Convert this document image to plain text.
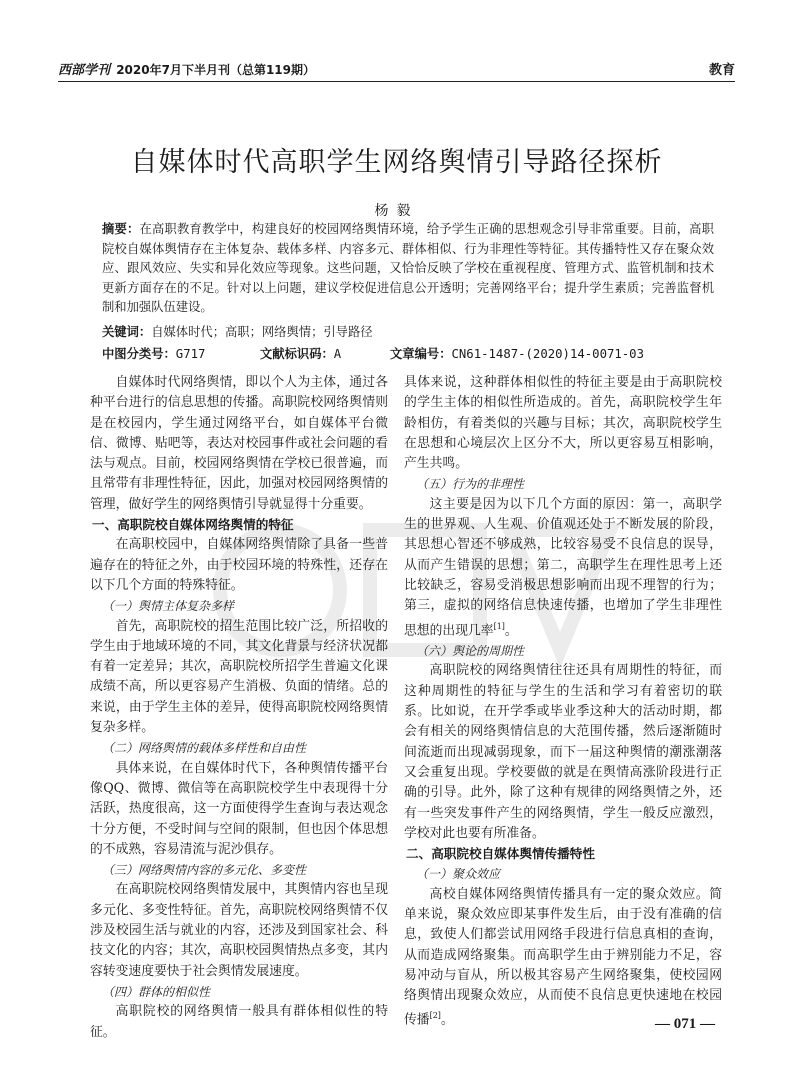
西部学刊 2020年7月下半月刊（总第119期）	教育
自媒体时代高职学生网络舆情引导路径探析
杨毅
摘要：在高职教育教学中，构建良好的校园网络舆情环境，给予学生正确的思想观念引导非常重要。目前，高职院校自媒体舆情存在主体复杂、载体多样、内容多元、群体相似、行为非理性等特征。其传播特性又存在聚众效应、跟风效应、失实和异化效应等现象。这些问题，又恰恰反映了学校在重视程度、管理方式、监管机制和技术更新方面存在的不足。针对以上问题，建议学校促进信息公开透明；完善网络平台；提升学生素质；完善监督机制和加强队伍建设。
关键词：自媒体时代；高职；网络舆情；引导路径
中图分类号：G717	文献标识码：A	文章编号：CN61-1487-(2020)14-0071-03

自媒体时代网络舆情，即以个人为主体，通过各种平台进行的信息思想的传播。高职院校网络舆情则是在校园内，学生通过网络平台，如自媒体平台微信、微博、贴吧等，表达对校园事件或社会问题的看法与观点。目前，校园网络舆情在学校已很普遍，而且常带有非理性特征，因此，加强对校园网络舆情的管理，做好学生的网络舆情引导就显得十分重要。

一、高职院校自媒体网络舆情的特征

在高职校园中，自媒体网络舆情除了具备一些普遍存在的特征之外，由于校园环境的特殊性，还存在以下几个方面的特殊特征。

（一）舆情主体复杂多样

首先，高职院校的招生范围比较广泛，所招收的学生由于地域环境的不同，其文化背景与经济状况都有着一定差异；其次，高职院校所招学生普遍文化课成绩不高，所以更容易产生消极、负面的情绪。总的来说，由于学生主体的差异，使得高职院校网络舆情复杂多样。

（二）网络舆情的载体多样性和自由性

具体来说，在自媒体时代下，各种舆情传播平台像QQ、微博、微信等在高职院校学生中表现得十分活跃，热度很高，这一方面使得学生查询与表达观念十分方便，不受时间与空间的限制，但也因个体思想的不成熟，容易清流与泥沙俱存。

（三）网络舆情内容的多元化、多变性

在高职院校网络舆情发展中，其舆情内容也呈现多元化、多变性特征。首先，高职院校网络舆情不仅涉及校园生活与就业的内容，还涉及到国家社会、科技文化的内容；其次，高职校园舆情热点多变，其内容转变速度要快于社会舆情发展速度。

（四）群体的相似性

高职院校的网络舆情一般具有群体相似性的特征。

具体来说，这种群体相似性的特征主要是由于高职院校的学生主体的相似性所造成的。首先，高职院校学生年龄相仿，有着类似的兴趣与目标；其次，高职院校学生在思想和心境层次上区分不大，所以更容易互相影响，产生共鸣。

（五）行为的非理性

这主要是因为以下几个方面的原因：第一，高职学生的世界观、人生观、价值观还处于不断发展的阶段，其思想心智还不够成熟，比较容易受不良信息的误导，从而产生错误的思想；第二，高职学生在理性思考上还比较缺乏，容易受消极思想影响而出现不理智的行为；第三，虚拟的网络信息快速传播，也增加了学生非理性思想的出现几率[1]。

（六）舆论的周期性

高职院校的网络舆情往往还具有周期性的特征，而这种周期性的特征与学生的生活和学习有着密切的联系。比如说，在开学季或毕业季这种大的活动时期，都会有相关的网络舆情信息的大范围传播，然后逐渐随时间流逝而出现减弱现象，而下一届这种舆情的潮涨潮落又会重复出现。学校要做的就是在舆情高涨阶段进行正确的引导。此外，除了这种有规律的网络舆情之外，还有一些突发事件产生的网络舆情，学生一般反应激烈，学校对此也要有所准备。

二、高职院校自媒体舆情传播特性
（一）聚众效应

高校自媒体网络舆情传播具有一定的聚众效应。简单来说，聚众效应即某事件发生后，由于没有准确的信息，致使人们都尝试用网络手段进行信息真相的查询，从而造成网络聚集。而高职学生由于辨别能力不足，容易冲动与盲从，所以极其容易产生网络聚集，使校园网络舆情出现聚众效应，从而使不良信息更快速地在校园传播[2]。	— 071 —
